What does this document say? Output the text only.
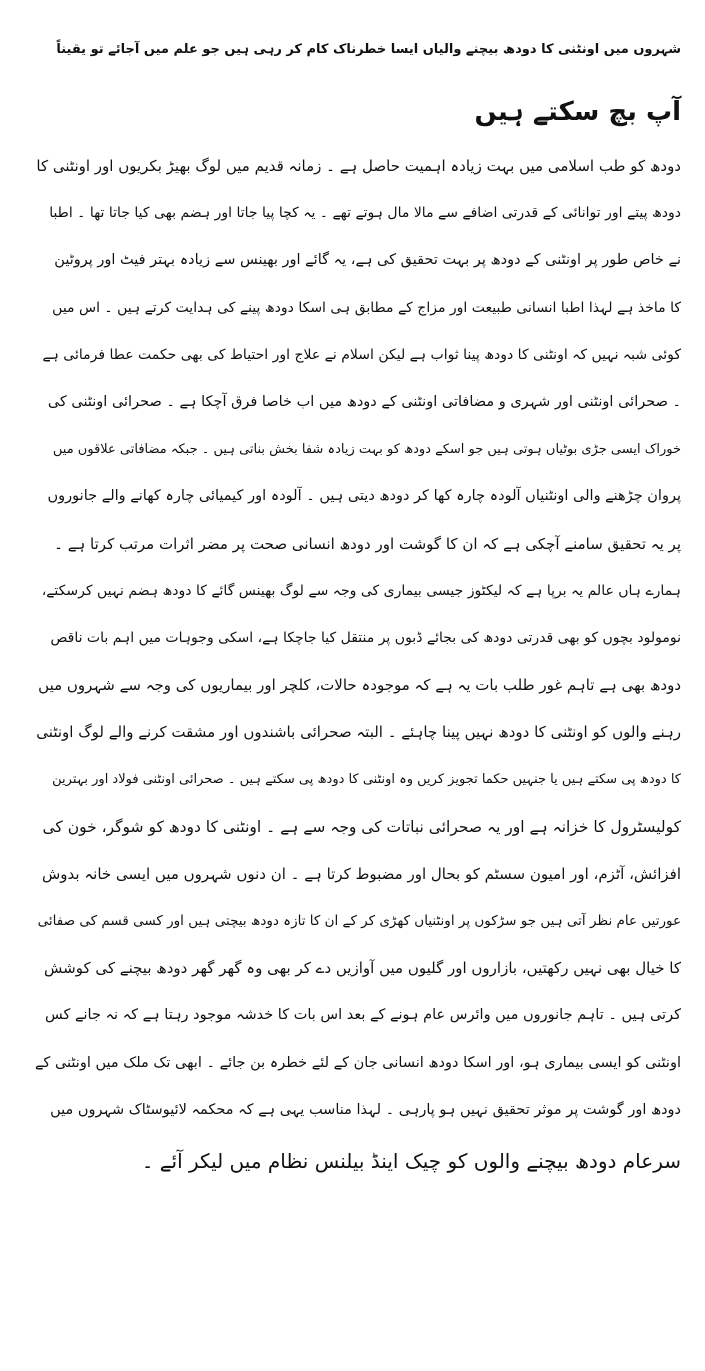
شہروں میں اونٹنی کا دودھ بیچنے والیاں ایسا خطرناک کام کر رہی ہیں جو علم میں آجائے تو یقیناً
آپ بچ سکتے ہیں
دودھ کو طب اسلامی میں بہت زیادہ اہمیت حاصل ہے ۔ زمانہ قدیم میں لوگ بھیڑ بکریوں اور اونٹنی کا
دودھ پیتے اور توانائی کے قدرتی اضافے سے مالا مال ہوتے تھے ۔ یہ کچا پیا جاتا اور ہضم بھی کیا جاتا تھا ۔ اطبا
نے خاص طور پر اونٹنی کے دودھ پر بہت تحقیق کی ہے، یہ گائے اور بھینس سے زیادہ بہتر فیٹ اور پروٹین
کا ماخذ ہے لہذا اطبا انسانی طبیعت اور مزاج کے مطابق ہی اسکا دودھ پینے کی ہدایت کرتے ہیں ۔ اس میں
کوئی شبہ نہیں کہ اونٹنی کا دودھ پینا ثواب ہے لیکن اسلام نے علاج اور احتیاط کی بھی حکمت عطا فرمائی ہے
۔ صحرائی اونٹنی اور شہری و مضافاتی اونٹنی کے دودھ میں اب خاصا فرق آچکا ہے ۔ صحرائی اونٹنی کی
خوراک ایسی جڑی بوٹیاں ہوتی ہیں جو اسکے دودھ کو بہت زیادہ شفا بخش بناتی ہیں ۔ جبکہ مضافاتی علاقوں میں
پروان چڑھنے والی اونٹنیاں آلودہ چارہ کھا کر دودھ دیتی ہیں ۔ آلودہ اور کیمیائی چارہ کھانے والے جانوروں
پر یہ تحقیق سامنے آچکی ہے کہ ان کا گوشت اور دودھ انسانی صحت پر مضر اثرات مرتب کرتا ہے ۔
ہمارے ہاں عالم یہ برپا ہے کہ لیکٹوز جیسی بیماری کی وجہ سے لوگ بھینس گائے کا دودھ ہضم نہیں کرسکتے،
نومولود بچوں کو بھی قدرتی دودھ کی بجائے ڈبوں پر منتقل کیا جاچکا ہے، اسکی وجوہات میں اہم بات ناقص
دودھ بھی ہے تاہم غور طلب بات یہ ہے کہ موجودہ حالات، کلچر اور بیماریوں کی وجہ سے شہروں میں
رہنے والوں کو اونٹنی کا دودھ نہیں پینا چاہئے ۔ البتہ صحرائی باشندوں اور مشقت کرنے والے لوگ اونٹنی
کا دودھ پی سکتے ہیں یا جنہیں حکما تجویز کریں وہ اونٹنی کا دودھ پی سکتے ہیں ۔ صحرائی اونٹنی فولاد اور بہترین
کولیسٹرول کا خزانہ ہے اور یہ صحرائی نباتات کی وجہ سے ہے ۔ اونٹنی کا دودھ کو شوگر، خون کی
افزائش، آٹزم، اور امیون سسٹم کو بحال اور مضبوط کرتا ہے ۔ ان دنوں شہروں میں ایسی خانہ بدوش
عورتیں عام نظر آتی ہیں جو سڑکوں پر اونٹنیاں کھڑی کر کے ان کا تازہ دودھ بیچتی ہیں اور کسی قسم کی صفائی
کا خیال بھی نہیں رکھتیں، بازاروں اور گلیوں میں آوازیں دے کر بھی وہ گھر گھر دودھ بیچنے کی کوشش
کرتی ہیں ۔ تاہم جانوروں میں وائرس عام ہونے کے بعد اس بات کا خدشہ موجود رہتا ہے کہ نہ جانے کس
اونٹنی کو ایسی بیماری ہو، اور اسکا دودھ انسانی جان کے لئے خطرہ بن جائے ۔ ابھی تک ملک میں اونٹنی کے
دودھ اور گوشت پر موثر تحقیق نہیں ہو پارہی ۔ لہذا مناسب یہی ہے کہ محکمہ لائیوسٹاک شہروں میں
سرعام دودھ بیچنے والوں کو چیک اینڈ بیلنس نظام میں لیکر آئے ۔
